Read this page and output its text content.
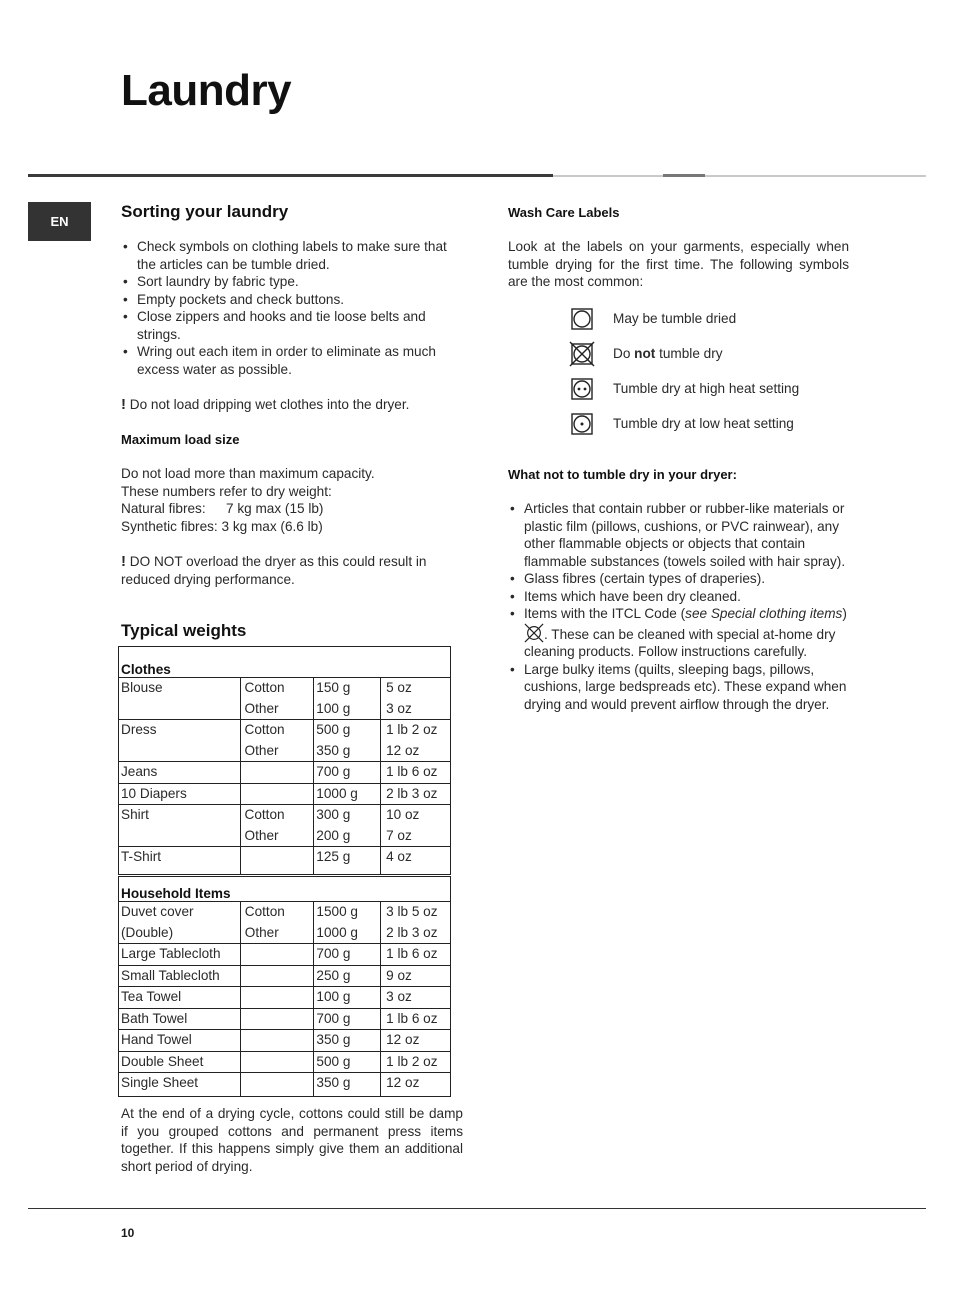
Laundry
EN
Sorting your laundry
• Check symbols on clothing labels to make sure that the articles can be tumble dried.
• Sort laundry by fabric type.
• Empty pockets and check buttons.
• Close zippers and hooks and tie loose belts and strings.
• Wring out each item in order to eliminate as much excess water as possible.
! Do not load dripping wet clothes into the dryer.
Maximum load size
Do not load more than maximum capacity.
These numbers refer to dry weight:
Natural fibres: 7 kg max (15 lb)
Synthetic fibres: 3 kg max (6.6 lb)
! DO NOT overload the dryer as this could result in reduced drying performance.
Typical weights
Clothes			
Blouse	Cotton	150 g	5 oz
	Other	100 g	3 oz
Dress	Cotton	500 g	1 lb 2 oz
	Other	350 g	12 oz
Jeans		700 g	1 lb 6 oz
10 Diapers		1000 g	2 lb 3 oz
Shirt	Cotton	300 g	10 oz
	Other	200 g	7 oz
T-Shirt		125 g	4 oz
Household Items			
Duvet cover	Cotton	1500 g	3 lb 5 oz
(Double)	Other	1000 g	2 lb 3 oz
Large Tablecloth		700 g	1 lb 6 oz
Small Tablecloth		250 g	9 oz
Tea Towel		100 g	3 oz
Bath Towel		700 g	1 lb 6 oz
Hand Towel		350 g	12 oz
Double Sheet		500 g	1 lb 2 oz
Single Sheet		350 g	12 oz
At the end of a drying cycle, cottons could still be damp if you grouped cottons and permanent press items together. If this happens simply give them an additional short period of drying.
Wash Care Labels
Look at the labels on your garments, especially when tumble drying for the first time. The following symbols are the most common:
May be tumble dried
Do not tumble dry
Tumble dry at high heat setting
Tumble dry at low heat setting
What not to tumble dry in your dryer:
• Articles that contain rubber or rubber-like materials or plastic film (pillows, cushions, or PVC rainwear), any other flammable objects or objects that contain flammable substances (towels soiled with hair spray).
• Glass fibres (certain types of draperies).
• Items which have been dry cleaned.
• Items with the ITCL Code (see Special clothing items) . These can be cleaned with special at-home dry cleaning products. Follow instructions carefully.
• Large bulky items (quilts, sleeping bags, pillows, cushions, large bedspreads etc). These expand when drying and would prevent airflow through the dryer.
10
